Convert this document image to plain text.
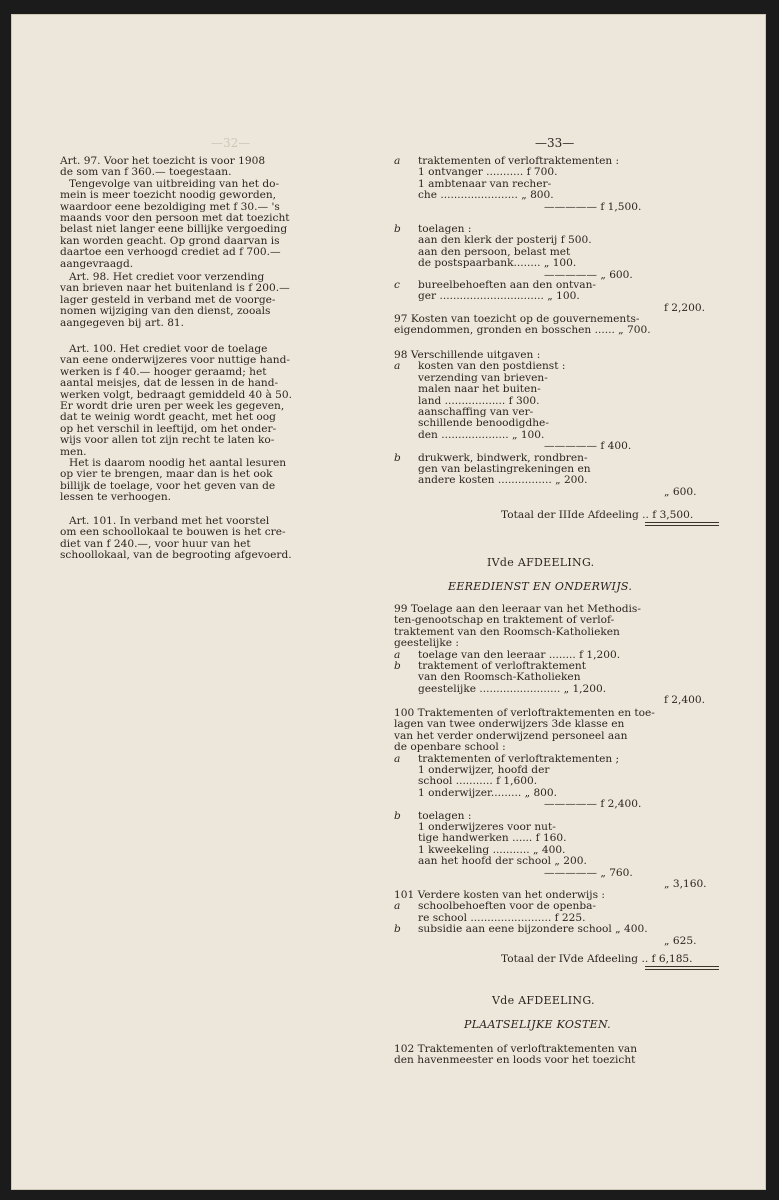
—32—	—33—
Art. 97. Voor het toezicht is voor 1908
de som van f 360.— toegestaan.
Tengevolge van uitbreiding van het do-
mein is meer toezicht noodig geworden,
waardoor eene bezoldiging met f 30.— 's
maands voor den persoon met dat toezicht
belast niet langer eene billijke vergoeding
kan worden geacht. Op grond daarvan is
daartoe een verhoogd crediet ad f 700.—
aangevraagd.
Art. 98. Het crediet voor verzending
van brieven naar het buitenland is f 200.—
lager gesteld in verband met de voorge-
nomen wijziging van den dienst, zooals
aangegeven bij art. 81.
Art. 100. Het crediet voor de toelage
van eene onderwijzeres voor nuttige hand-
werken is f 40.— hooger geraamd; het
aantal meisjes, dat de lessen in de hand-
werken volgt, bedraagt gemiddeld 40 à 50.
Er wordt drie uren per week les gegeven,
dat te weinig wordt geacht, met het oog
op het verschil in leeftijd, om het onder-
wijs voor allen tot zijn recht te laten ko-
men.
Het is daarom noodig het aantal lesuren
op vier te brengen, maar dan is het ook
billijk de toelage, voor het geven van de
lessen te verhoogen.
Art. 101. In verband met het voorstel
om een schoollokaal te bouwen is het cre-
diet van f 240.—, voor huur van het
schoollokaal, van de begrooting afgevoerd.
a traktementen of verloftraktementen :
1 ontvanger ........... f 700.
1 ambtenaar van recher-
che ....................... „ 800.
————— f 1,500.
b toelagen :
aan den klerk der posterij f 500.
aan den persoon, belast met
de postspaarbank........ „ 100.
————— „ 600.
c bureelbehoeften aan den ontvan-
ger ............................... „ 100.
f 2,200.
97 Kosten van toezicht op de gouvernements-
eigendommen, gronden en bosschen ...... „ 700.
98 Verschillende uitgaven :
a kosten van den postdienst :
verzending van brieven-
malen naar het buiten-
land .................. f 300.
aanschaffing van ver-
schillende benoodigdhe-
den .................... „ 100.
————— f 400.
b drukwerk, bindwerk, rondbren-
gen van belastingrekeningen en
andere kosten ................ „ 200.
„ 600.
Totaal der IIIde Afdeeling .. f 3,500.
IVde AFDEELING.
EEREDIENST EN ONDERWIJS.
99 Toelage aan den leeraar van het Methodis-
ten-genootschap en traktement of verlof-
traktement van den Roomsch-Katholieken
geestelijke :
a toelage van den leeraar ........ f 1,200.
b traktement of verloftraktement
van den Roomsch-Katholieken
geestelijke ........................ „ 1,200.
f 2,400.
100 Traktementen of verloftraktementen en toe-
lagen van twee onderwijzers 3de klasse en
van het verder onderwijzend personeel aan
de openbare school :
a traktementen of verloftraktementen ;
1 onderwijzer, hoofd der
school ........... f 1,600.
1 onderwijzer......... „ 800.
————— f 2,400.
b toelagen :
1 onderwijzeres voor nut-
tige handwerken ...... f 160.
1 kweekeling ........... „ 400.
aan het hoofd der school „ 200.
————— „ 760.
„ 3,160.
101 Verdere kosten van het onderwijs :
a schoolbehoeften voor de openba-
re school ........................ f 225.
b subsidie aan eene bijzondere school „ 400.
„ 625.
Totaal der IVde Afdeeling .. f 6,185.
Vde AFDEELING.
PLAATSELIJKE KOSTEN.
102 Traktementen of verloftraktementen van
den havenmeester en loods voor het toezicht
